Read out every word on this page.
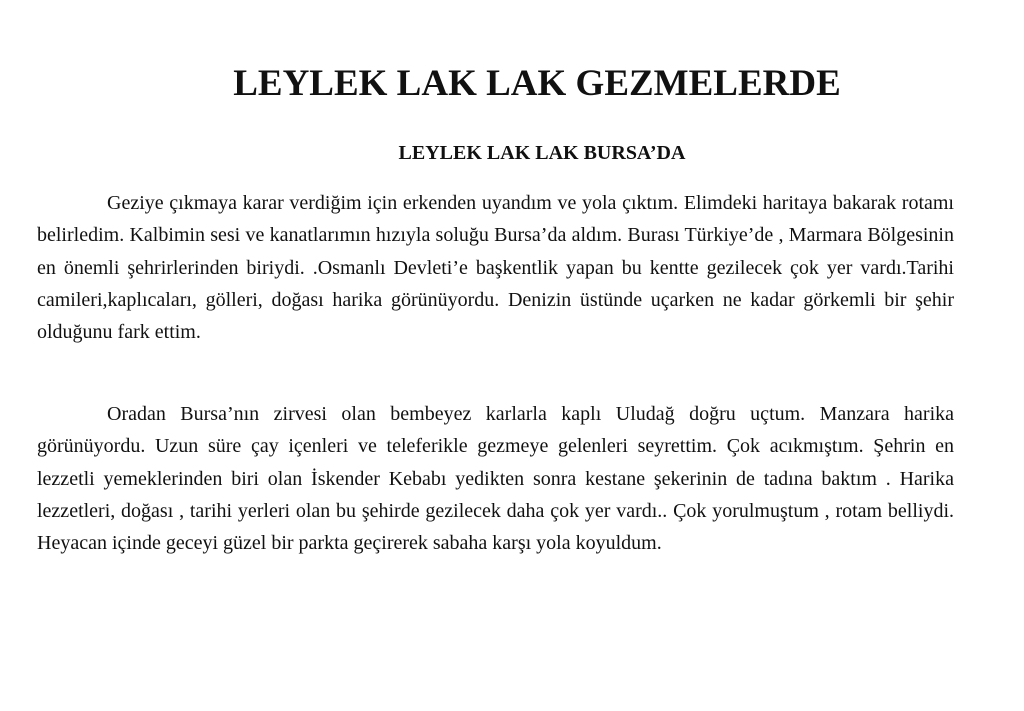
LEYLEK LAK LAK GEZMELERDE
LEYLEK LAK LAK BURSA’DA

Geziye çıkmaya karar verdiğim için erkenden uyandım ve yola çıktım. Elimdeki haritaya bakarak rotamı belirledim. Kalbimin sesi ve kanatlarımın hızıyla soluğu Bursa’da aldım. Burası Türkiye’de , Marmara Bölgesinin en önemli şehrirlerinden biriydi. .Osmanlı Devleti’e başkentlik yapan bu kentte gezilecek çok yer vardı.Tarihi camileri,kaplıcaları, gölleri, doğası harika görünüyordu. Denizin üstünde uçarken ne kadar görkemli bir şehir olduğunu fark ettim.

Oradan Bursa’nın zirvesi olan bembeyez karlarla kaplı Uludağ doğru uçtum. Manzara harika görünüyordu. Uzun süre çay içenleri ve teleferikle gezmeye gelenleri seyrettim. Çok acıkmıştım. Şehrin en lezzetli yemeklerinden biri olan İskender Kebabı yedikten sonra kestane şekerinin de tadına baktım . Harika lezzetleri, doğası , tarihi yerleri olan bu şehirde gezilecek daha çok yer vardı.. Çok yorulmuştum , rotam belliydi. Heyacan içinde geceyi güzel bir parkta geçirerek sabaha karşı yola koyuldum.
